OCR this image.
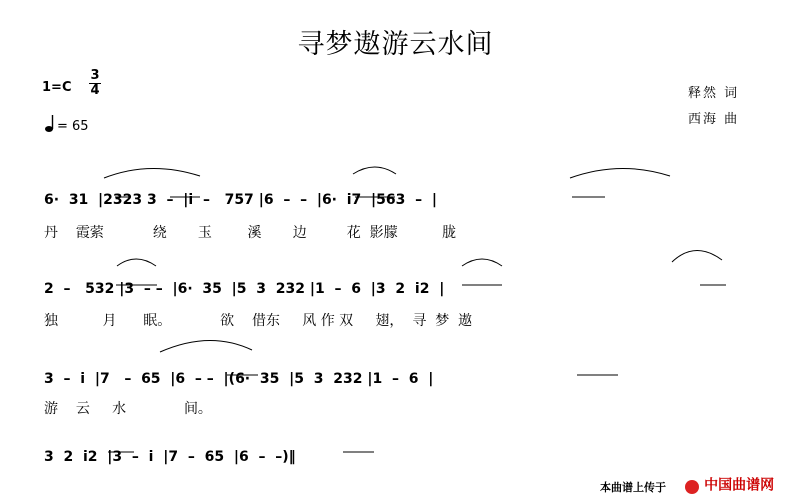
寻梦遨游云水间
1=C
3
4
= 65
释然 词
西海 曲

6· 31 |2323 3 – |i – 757 |6 – – |6· i7 |563 – |

丹 霞萦	绕 玉	溪 边	花 影朦	胧

2 – 532 |3 – – |6· 35 |5 3 232 |1 – 6 |3 2 i2 |

独	月 眠。	欲 借东 风 作 双 翅， 寻 梦 遨

3 – i |7 – 65 |6 – – |(6· 35 |5 3 232 |1 – 6 |

游 云 水	间。

3 2 i2 |3 – i |7 – 65 |6 – –)‖

本曲谱上传于	中国曲谱网
